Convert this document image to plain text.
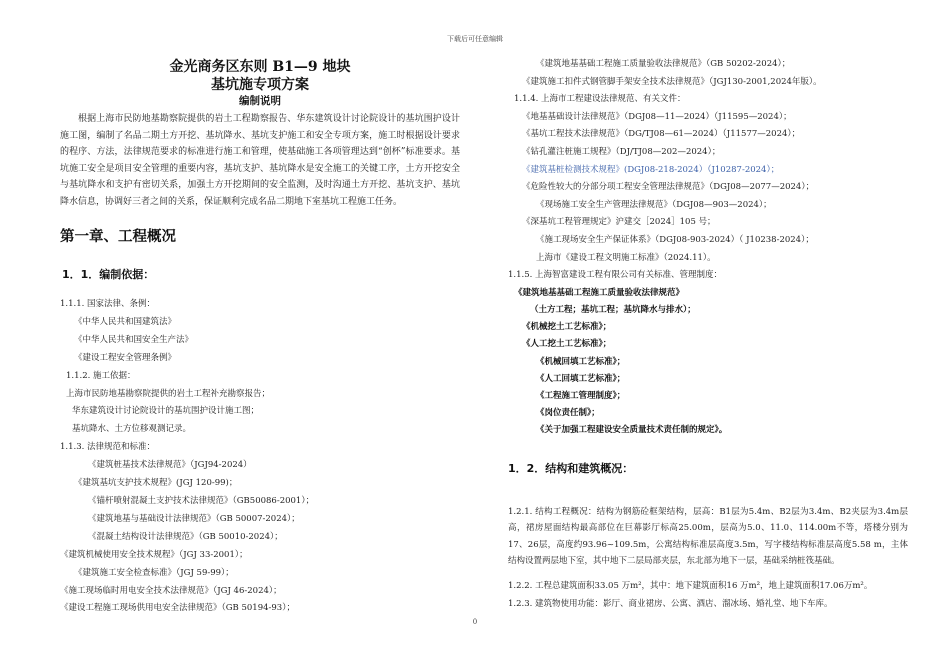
下载后可任意编辑
金光商务区东则 B1—9 地块
基坑施专项方案
编制说明

根据上海市民防地基勘察院提供的岩土工程勘察报告、华东建筑设计讨论院设计的基坑围护设计施工图，编制了名品二期土方开挖、基坑降水、基坑支护施工和安全专项方案，施工时根据设计要求的程序、方法，法律规范要求的标准进行施工和管理，使基础施工各项管理达到“创杯”标准要求。基坑施工安全是项目安全管理的重要内容，基坑支护、基坑降水是安全施工的关键工序，土方开挖安全与基坑降水和支护有密切关系，加强土方开挖期间的安全监测，及时沟通土方开挖、基坑支护、基坑降水信息，协调好三者之间的关系，保证顺利完成名品二期地下室基坑工程施工任务。

第一章、工程概况
1．1．编制依据：
1.1.1. 国家法律、条例：
《中华人民共和国建筑法》
《中华人民共和国安全生产法》
《建设工程安全管理条例》
1.1.2. 施工依据：
上海市民防地基勘察院提供的岩土工程补充勘察报告；
华东建筑设计讨论院设计的基坑围护设计施工图；
基坑降水、土方位移观测记录。
1.1.3. 法律规范和标准：
《建筑桩基技术法律规范》（JGJ94-2024）
《建筑基坑支护技术规程》(JGJ 120-99)；
《锚杆喷射混凝土支护技术法律规范》（GB50086-2001）；
《建筑地基与基础设计法律规范》（GB 50007-2024）；
《混凝土结构设计法律规范》（GB 50010-2024）；
《建筑机械使用安全技术规程》（JGJ 33-2001）；
《建筑施工安全检查标准》（JGJ 59-99）；
《施工现场临时用电安全技术法律规范》（JGJ 46-2024）；
《建设工程施工现场供用电安全法律规范》（GB 50194-93）；
《建筑地基基础工程施工质量验收法律规范》（GB 50202-2024）；
《建筑施工扣件式钢管脚手架安全技术法律规范》（JGJ130-2001,2024年版）。
1.1.4. 上海市工程建设法律规范、有关文件：
《地基基础设计法律规范》（DGJ08—11—2024）（J11595—2024）；
《基坑工程技术法律规范》（DG/TJ08—61—2024）（J11577—2024）；
《钻孔灌注桩施工规程》（DJ/TJ08—202—2024）；
《建筑基桩检测技术规程》(DGJ08-218-2024）（J10287-2024）；
《危险性较大的分部分项工程安全管理法律规范》（DGJ08—2077—2024）；
《现场施工安全生产管理法律规范》（DGJ08—903—2024）；
《深基坑工程管理规定》沪建交［2024］105 号；
《施工现场安全生产保证体系》（DGJ08-903-2024）（ J10238-2024）；
上海市《建设工程文明施工标准》（2024.11）。
1.1.5. 上海智富建设工程有限公司有关标准、管理制度：
《建筑地基基础工程施工质量验收法律规范》
（土方工程；基坑工程；基坑降水与排水）；
《机械挖土工艺标准》；
《人工挖土工艺标准》；
《机械回填工艺标准》；
《人工回填工艺标准》；
《工程施工管理制度》；
《岗位责任制》；
《关于加强工程建设安全质量技术责任制的规定》。
1．2．结构和建筑概况：

1.2.1. 结构工程概况：结构为钢筋砼框架结构，层高：B1层为5.4m、B2层为3.4m、B2夹层为3.4m层高，裙房屋面结构最高部位在巨幕影厅标高25.00m，层高为5.0、11.0、114.00m不等，塔楼分别为17、26层，高度约93.96~109.5m，公寓结构标准层高度3.5m，写字楼结构标准层高度5.58 m，主体结构设置两层地下室，其中地下二层局部夹层，东北部为地下一层，基础采纳桩筏基础。

1.2.2. 工程总建筑面积33.05 万m²，其中：地下建筑面积16 万m²，地上建筑面积17.06万m²。
1.2.3. 建筑物使用功能：影厅、商业裙房、公寓、酒店、溜冰场、婚礼堂、地下车库。
0
